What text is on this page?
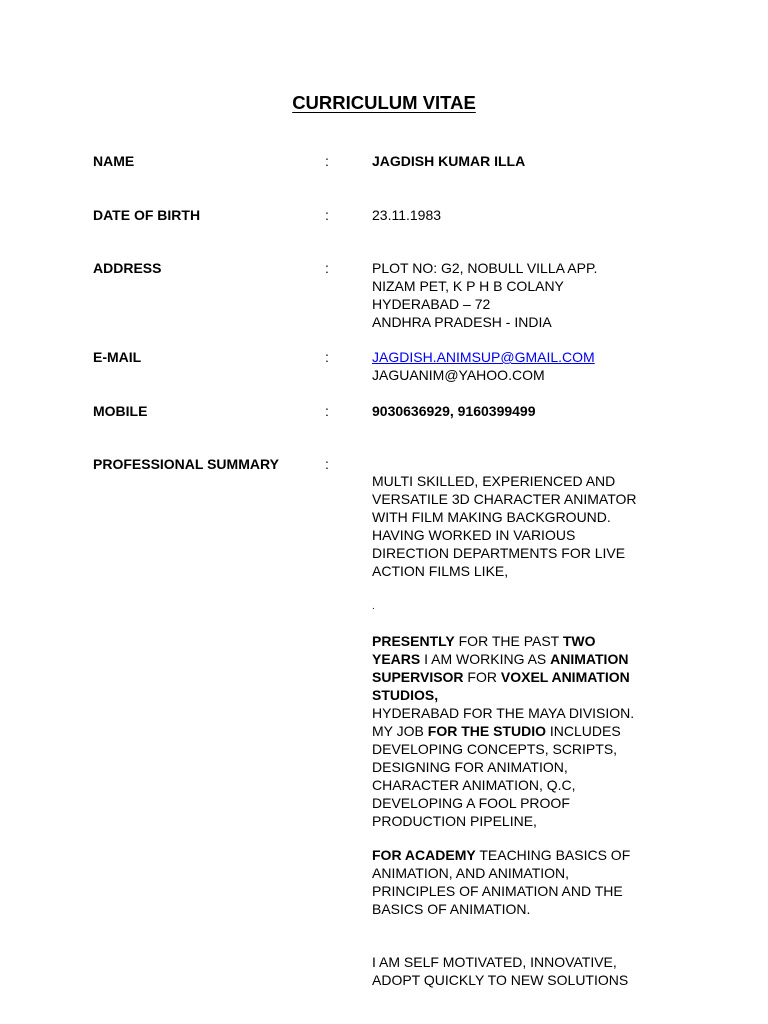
CURRICULUM VITAE
NAME	:	JAGDISH KUMAR ILLA
DATE OF BIRTH	:	23.11.1983
ADDRESS	:	PLOT NO: G2, NOBULL VILLA APP.
NIZAM PET, K P H B COLANY
HYDERABAD – 72
ANDHRA PRADESH - INDIA
E-MAIL	:	JAGDISH.ANIMSUP@GMAIL.COM
JAGUANIM@YAHOO.COM
MOBILE	:	9030636929, 9160399499
PROFESSIONAL SUMMARY	:
MULTI SKILLED, EXPERIENCED AND
VERSATILE 3D CHARACTER ANIMATOR
WITH FILM MAKING BACKGROUND.
HAVING WORKED IN VARIOUS
DIRECTION DEPARTMENTS FOR LIVE
ACTION FILMS LIKE,
.
PRESENTLY FOR THE PAST TWO
YEARS I AM WORKING AS ANIMATION
SUPERVISOR FOR VOXEL ANIMATION
STUDIOS,
HYDERABAD FOR THE MAYA DIVISION.
MY JOB FOR THE STUDIO INCLUDES
DEVELOPING CONCEPTS, SCRIPTS,
DESIGNING FOR ANIMATION,
CHARACTER ANIMATION, Q.C,
DEVELOPING A FOOL PROOF
PRODUCTION PIPELINE,
FOR ACADEMY TEACHING BASICS OF
ANIMATION, AND ANIMATION,
PRINCIPLES OF ANIMATION AND THE
BASICS OF ANIMATION.
I AM SELF MOTIVATED, INNOVATIVE,
ADOPT QUICKLY TO NEW SOLUTIONS
